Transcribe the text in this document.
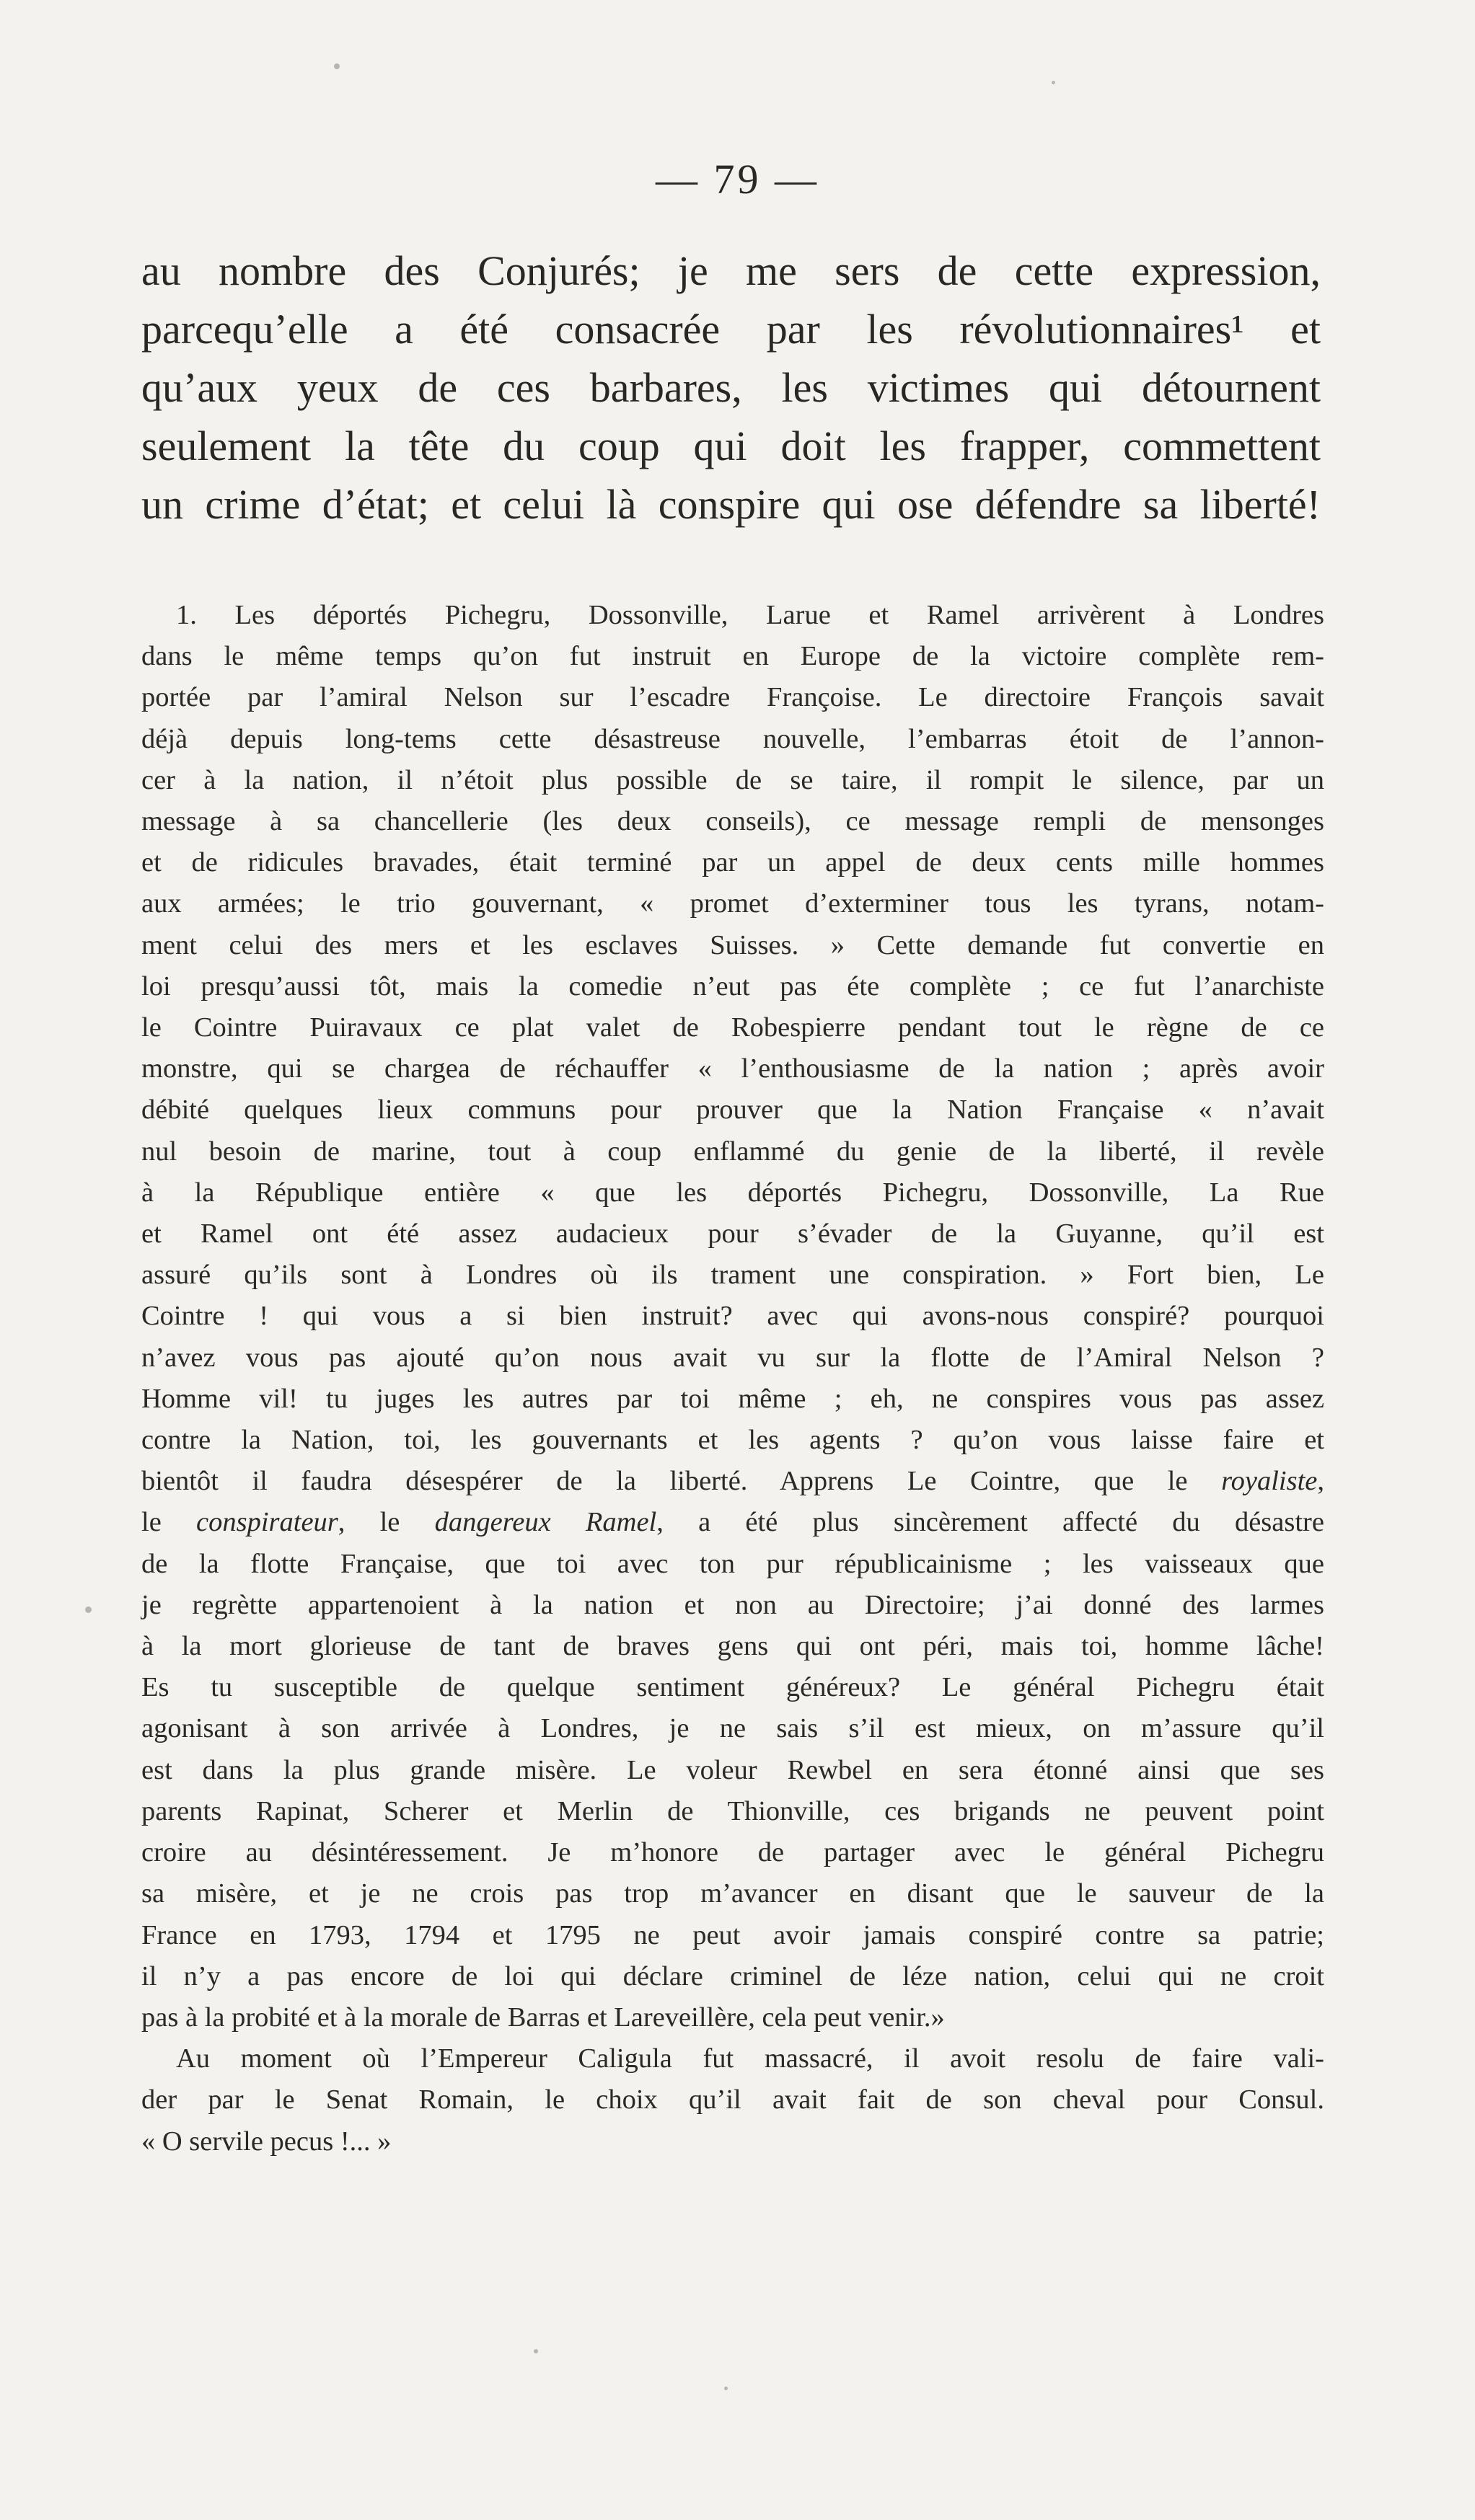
— 79 —
au nombre des Conjurés; je me sers de cette expression,
parcequ’elle a été consacrée par les révolutionnaires¹ et
qu’aux yeux de ces barbares, les victimes qui détournent
seulement la tête du coup qui doit les frapper, commettent
un crime d’état; et celui là conspire qui ose défendre sa liberté!
1. Les déportés Pichegru, Dossonville, Larue et Ramel arrivèrent à Londres
dans le même temps qu’on fut instruit en Europe de la victoire complète rem-
portée par l’amiral Nelson sur l’escadre Françoise. Le directoire François savait
déjà depuis long-tems cette désastreuse nouvelle, l’embarras étoit de l’annon-
cer à la nation, il n’étoit plus possible de se taire, il rompit le silence, par un
message à sa chancellerie (les deux conseils), ce message rempli de mensonges
et de ridicules bravades, était terminé par un appel de deux cents mille hommes
aux armées; le trio gouvernant, « promet d’exterminer tous les tyrans, notam-
ment celui des mers et les esclaves Suisses. » Cette demande fut convertie en
loi presqu’aussi tôt, mais la comedie n’eut pas éte complète ; ce fut l’anarchiste
le Cointre Puiravaux ce plat valet de Robespierre pendant tout le règne de ce
monstre, qui se chargea de réchauffer « l’enthousiasme de la nation ; après avoir
débité quelques lieux communs pour prouver que la Nation Française « n’avait
nul besoin de marine, tout à coup enflammé du genie de la liberté, il revèle
à la République entière « que les déportés Pichegru, Dossonville, La Rue
et Ramel ont été assez audacieux pour s’évader de la Guyanne, qu’il est
assuré qu’ils sont à Londres où ils trament une conspiration. » Fort bien, Le
Cointre ! qui vous a si bien instruit? avec qui avons-nous conspiré? pourquoi
n’avez vous pas ajouté qu’on nous avait vu sur la flotte de l’Amiral Nelson ?
Homme vil! tu juges les autres par toi même ; eh, ne conspires vous pas assez
contre la Nation, toi, les gouvernants et les agents ? qu’on vous laisse faire et
bientôt il faudra désespérer de la liberté. Apprens Le Cointre, que le royaliste,
le conspirateur, le dangereux Ramel, a été plus sincèrement affecté du désastre
de la flotte Française, que toi avec ton pur républicainisme ; les vaisseaux que
je regrètte appartenoient à la nation et non au Directoire; j’ai donné des larmes
à la mort glorieuse de tant de braves gens qui ont péri, mais toi, homme lâche!
Es tu susceptible de quelque sentiment généreux? Le général Pichegru était
agonisant à son arrivée à Londres, je ne sais s’il est mieux, on m’assure qu’il
est dans la plus grande misère. Le voleur Rewbel en sera étonné ainsi que ses
parents Rapinat, Scherer et Merlin de Thionville, ces brigands ne peuvent point
croire au désintéressement. Je m’honore de partager avec le général Pichegru
sa misère, et je ne crois pas trop m’avancer en disant que le sauveur de la
France en 1793, 1794 et 1795 ne peut avoir jamais conspiré contre sa patrie;
il n’y a pas encore de loi qui déclare criminel de léze nation, celui qui ne croit
pas à la probité et à la morale de Barras et Lareveillère, cela peut venir.»
Au moment où l’Empereur Caligula fut massacré, il avoit resolu de faire vali-
der par le Senat Romain, le choix qu’il avait fait de son cheval pour Consul.
« O servile pecus !... »
